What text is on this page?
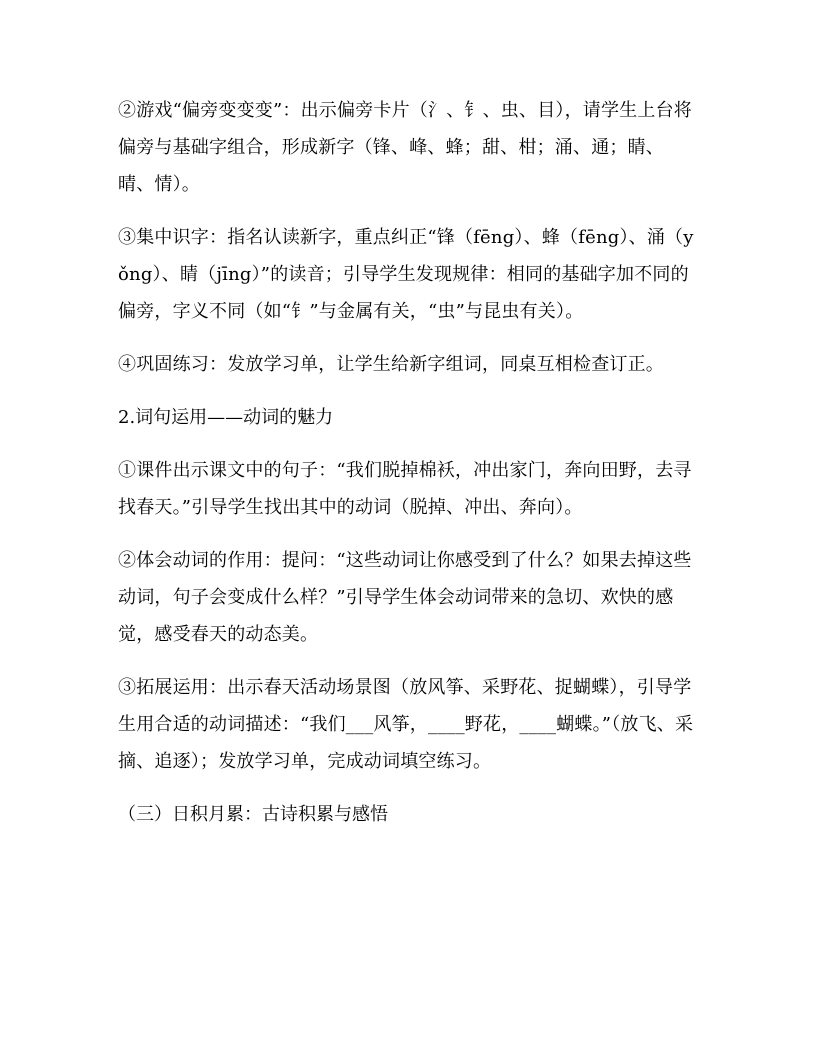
②游戏“偏旁变变变”：出示偏旁卡片（氵、钅、虫、目），请学生上台将偏旁与基础字组合，形成新字（锋、峰、蜂；甜、柑；涌、通；睛、晴、情）。

③集中识字：指名认读新字，重点纠正“锋（fēng）、蜂（fēng）、涌（yǒng）、睛（jīng）”的读音；引导学生发现规律：相同的基础字加不同的偏旁，字义不同（如“钅”与金属有关，“虫”与昆虫有关）。

④巩固练习：发放学习单，让学生给新字组词，同桌互相检查订正。

2.词句运用——动词的魅力

①课件出示课文中的句子：“我们脱掉棉袄，冲出家门，奔向田野，去寻找春天。”引导学生找出其中的动词（脱掉、冲出、奔向）。

②体会动词的作用：提问：“这些动词让你感受到了什么？如果去掉这些动词，句子会变成什么样？”引导学生体会动词带来的急切、欢快的感觉，感受春天的动态美。

③拓展运用：出示春天活动场景图（放风筝、采野花、捉蝴蝶），引导学生用合适的动词描述：“我们___风筝，____野花，____蝴蝶。”（放飞、采摘、追逐）；发放学习单，完成动词填空练习。

（三）日积月累：古诗积累与感悟
